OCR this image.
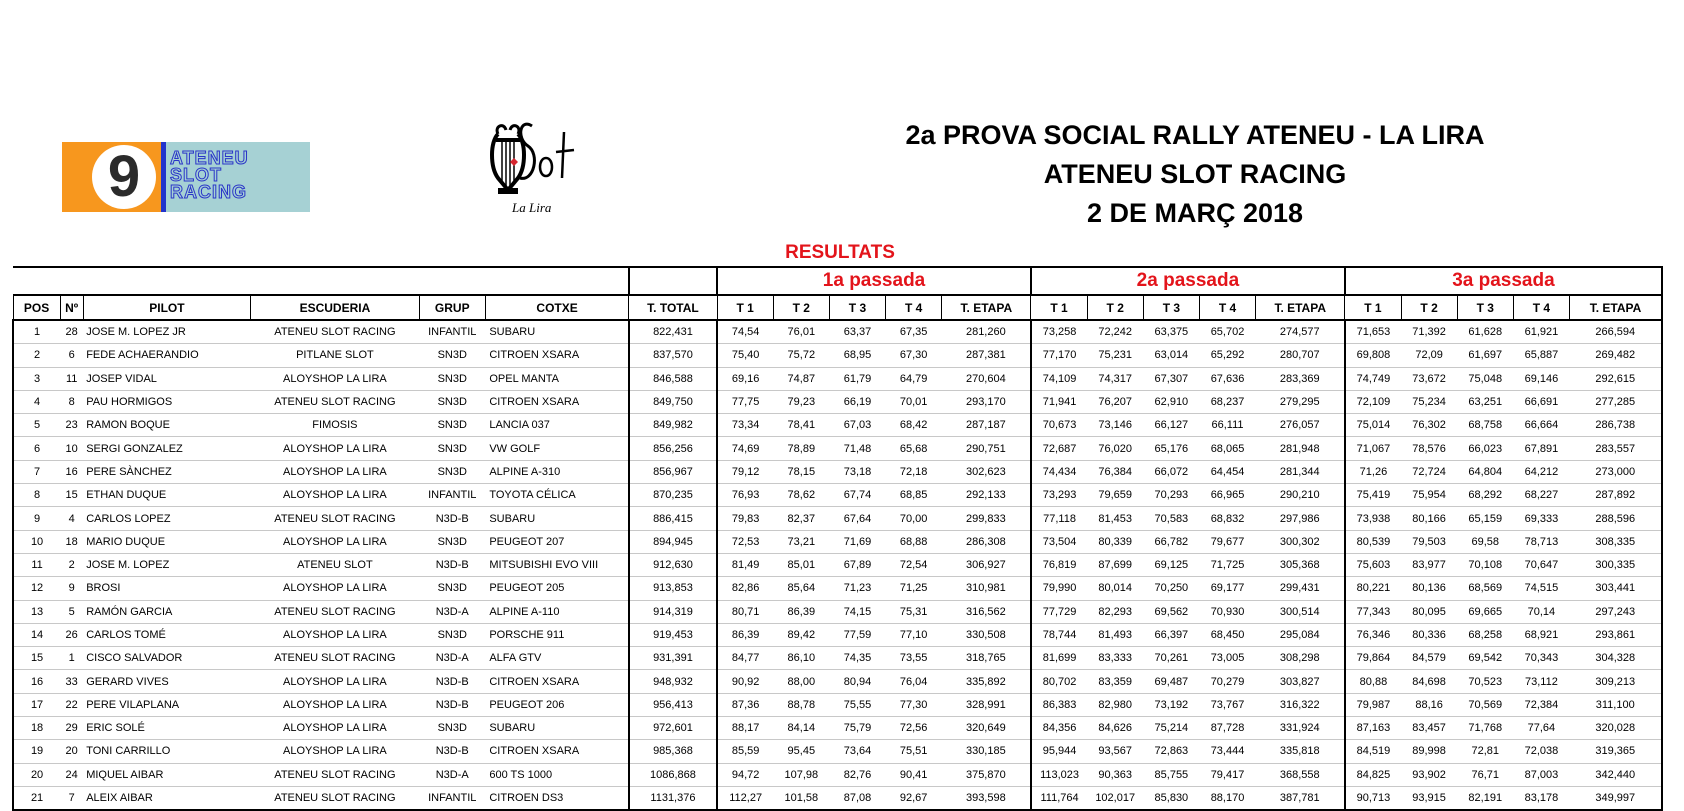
9	ATENEU
SLOT
RACING
La Lira
2a PROVA SOCIAL RALLY ATENEU - LA LIRA
ATENEU SLOT RACING
2 DE MARÇ 2018
RESULTATS
							1a passada					2a passada					3a passada				
POS	Nº	PILOT	ESCUDERIA	GRUP	COTXE	T. TOTAL	T 1	T 2	T 3	T 4	T. ETAPA	T 1	T 2	T 3	T 4	T. ETAPA	T 1	T 2	T 3	T 4	T. ETAPA
1	28	JOSE M. LOPEZ JR	ATENEU SLOT RACING	INFANTIL	SUBARU	822,431	74,54	76,01	63,37	67,35	281,260	73,258	72,242	63,375	65,702	274,577	71,653	71,392	61,628	61,921	266,594
2	6	FEDE ACHAERANDIO	PITLANE SLOT	SN3D	CITROEN XSARA	837,570	75,40	75,72	68,95	67,30	287,381	77,170	75,231	63,014	65,292	280,707	69,808	72,09	61,697	65,887	269,482
3	11	JOSEP VIDAL	ALOYSHOP LA LIRA	SN3D	OPEL MANTA	846,588	69,16	74,87	61,79	64,79	270,604	74,109	74,317	67,307	67,636	283,369	74,749	73,672	75,048	69,146	292,615
4	8	PAU HORMIGOS	ATENEU SLOT RACING	SN3D	CITROEN XSARA	849,750	77,75	79,23	66,19	70,01	293,170	71,941	76,207	62,910	68,237	279,295	72,109	75,234	63,251	66,691	277,285
5	23	RAMON BOQUE	FIMOSIS	SN3D	LANCIA 037	849,982	73,34	78,41	67,03	68,42	287,187	70,673	73,146	66,127	66,111	276,057	75,014	76,302	68,758	66,664	286,738
6	10	SERGI GONZALEZ	ALOYSHOP LA LIRA	SN3D	VW GOLF	856,256	74,69	78,89	71,48	65,68	290,751	72,687	76,020	65,176	68,065	281,948	71,067	78,576	66,023	67,891	283,557
7	16	PERE SÀNCHEZ	ALOYSHOP LA LIRA	SN3D	ALPINE A-310	856,967	79,12	78,15	73,18	72,18	302,623	74,434	76,384	66,072	64,454	281,344	71,26	72,724	64,804	64,212	273,000
8	15	ETHAN DUQUE	ALOYSHOP LA LIRA	INFANTIL	TOYOTA CÉLICA	870,235	76,93	78,62	67,74	68,85	292,133	73,293	79,659	70,293	66,965	290,210	75,419	75,954	68,292	68,227	287,892
9	4	CARLOS LOPEZ	ATENEU SLOT RACING	N3D-B	SUBARU	886,415	79,83	82,37	67,64	70,00	299,833	77,118	81,453	70,583	68,832	297,986	73,938	80,166	65,159	69,333	288,596
10	18	MARIO DUQUE	ALOYSHOP LA LIRA	SN3D	PEUGEOT 207	894,945	72,53	73,21	71,69	68,88	286,308	73,504	80,339	66,782	79,677	300,302	80,539	79,503	69,58	78,713	308,335
11	2	JOSE M. LOPEZ	ATENEU SLOT	N3D-B	MITSUBISHI EVO VIII	912,630	81,49	85,01	67,89	72,54	306,927	76,819	87,699	69,125	71,725	305,368	75,603	83,977	70,108	70,647	300,335
12	9	BROSI	ALOYSHOP LA LIRA	SN3D	PEUGEOT 205	913,853	82,86	85,64	71,23	71,25	310,981	79,990	80,014	70,250	69,177	299,431	80,221	80,136	68,569	74,515	303,441
13	5	RAMÓN GARCIA	ATENEU SLOT RACING	N3D-A	ALPINE A-110	914,319	80,71	86,39	74,15	75,31	316,562	77,729	82,293	69,562	70,930	300,514	77,343	80,095	69,665	70,14	297,243
14	26	CARLOS TOMÉ	ALOYSHOP LA LIRA	SN3D	PORSCHE 911	919,453	86,39	89,42	77,59	77,10	330,508	78,744	81,493	66,397	68,450	295,084	76,346	80,336	68,258	68,921	293,861
15	1	CISCO SALVADOR	ATENEU SLOT RACING	N3D-A	ALFA GTV	931,391	84,77	86,10	74,35	73,55	318,765	81,699	83,333	70,261	73,005	308,298	79,864	84,579	69,542	70,343	304,328
16	33	GERARD VIVES	ALOYSHOP LA LIRA	N3D-B	CITROEN XSARA	948,932	90,92	88,00	80,94	76,04	335,892	80,702	83,359	69,487	70,279	303,827	80,88	84,698	70,523	73,112	309,213
17	22	PERE VILAPLANA	ALOYSHOP LA LIRA	N3D-B	PEUGEOT 206	956,413	87,36	88,78	75,55	77,30	328,991	86,383	82,980	73,192	73,767	316,322	79,987	88,16	70,569	72,384	311,100
18	29	ERIC SOLÉ	ALOYSHOP LA LIRA	SN3D	SUBARU	972,601	88,17	84,14	75,79	72,56	320,649	84,356	84,626	75,214	87,728	331,924	87,163	83,457	71,768	77,64	320,028
19	20	TONI CARRILLO	ALOYSHOP LA LIRA	N3D-B	CITROEN XSARA	985,368	85,59	95,45	73,64	75,51	330,185	95,944	93,567	72,863	73,444	335,818	84,519	89,998	72,81	72,038	319,365
20	24	MIQUEL AIBAR	ATENEU SLOT RACING	N3D-A	600 TS 1000	1086,868	94,72	107,98	82,76	90,41	375,870	113,023	90,363	85,755	79,417	368,558	84,825	93,902	76,71	87,003	342,440
21	7	ALEIX AIBAR	ATENEU SLOT RACING	INFANTIL	CITROEN DS3	1131,376	112,27	101,58	87,08	92,67	393,598	111,764	102,017	85,830	88,170	387,781	90,713	93,915	82,191	83,178	349,997
